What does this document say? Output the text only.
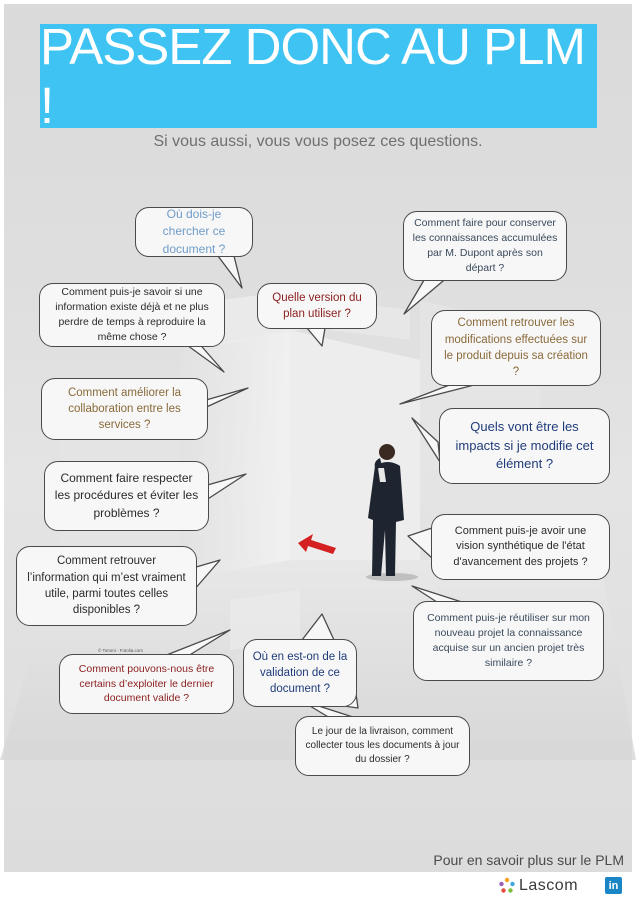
PASSEZ DONC AU PLM !
Si vous aussi, vous vous posez ces questions.
Où dois-je chercher ce document ?
Comment faire pour conserver les connaissances accumulées par M. Dupont après son départ ?
Comment puis-je savoir si une information existe déjà et ne plus perdre de temps à reproduire la même chose ?
Quelle version du plan utiliser ?
Comment retrouver les modifications effectuées sur le produit depuis sa création ?
Comment améliorer la collaboration entre les services ?	Quels vont être les impacts si je modifie cet élément ?
Comment faire respecter les procédures et éviter les problèmes ?
Comment puis-je avoir une vision synthétique de l'état d'avancement des projets ?
Comment retrouver l’information qui m’est vraiment utile, parmi toutes celles disponibles ?
Comment puis-je réutiliser sur mon nouveau projet la connaissance acquise sur un ancien projet très similaire ?
Comment pouvons-nous être certains d’exploiter le dernier document valide ?
Où en est-on de la validation de ce document ?
Le jour de la livraison, comment collecter tous les documents à jour du dossier ?
© Tommi - Fotolia.com
Pour en savoir plus sur le PLM
Lascom	in
